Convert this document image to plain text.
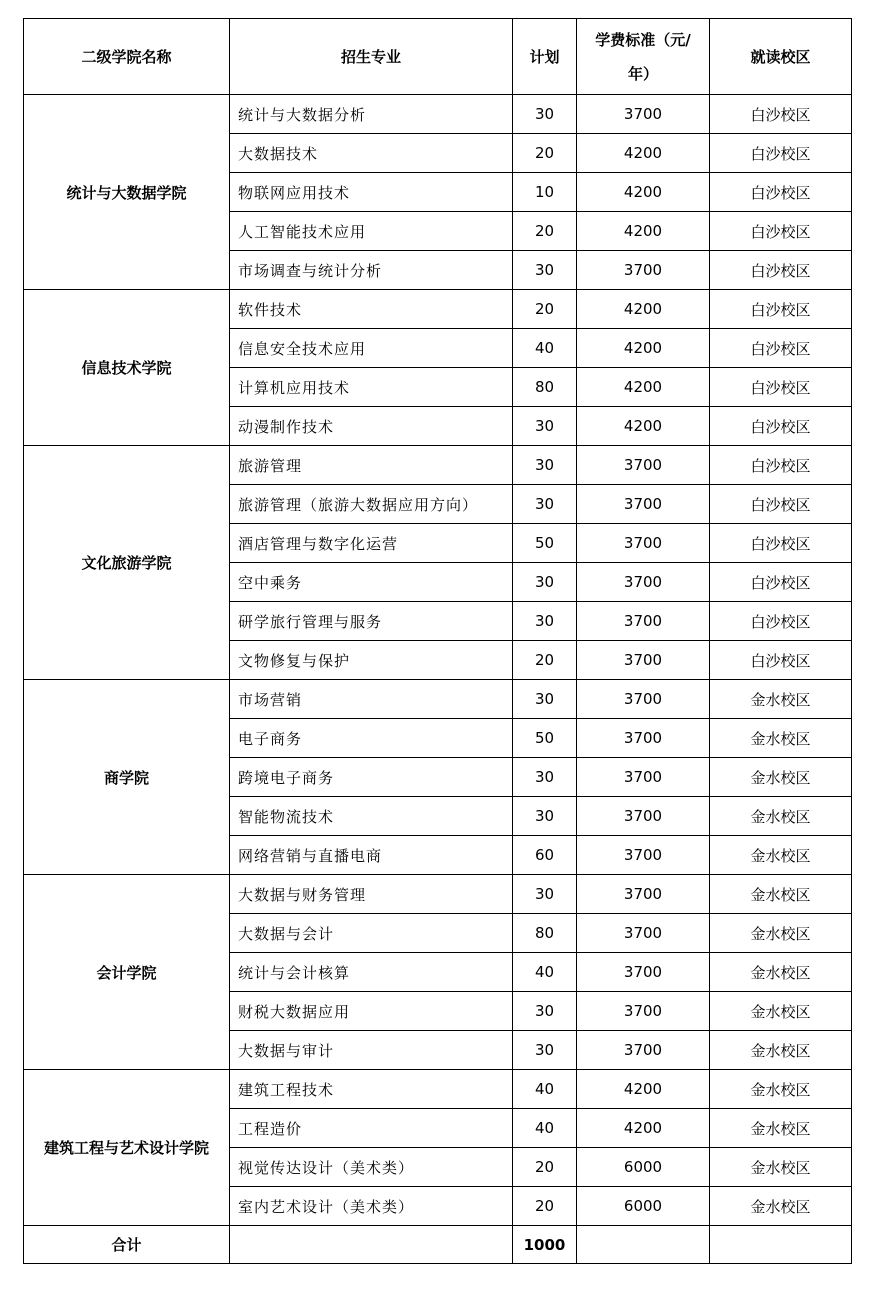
二级学院名称	招生专业	计划	学费标准（元/
年）	就读校区
统计与大数据学院	统计与大数据分析	30	3700	白沙校区
	大数据技术	20	4200	白沙校区
	物联网应用技术	10	4200	白沙校区
	人工智能技术应用	20	4200	白沙校区
	市场调查与统计分析	30	3700	白沙校区
信息技术学院	软件技术	20	4200	白沙校区
	信息安全技术应用	40	4200	白沙校区
	计算机应用技术	80	4200	白沙校区
	动漫制作技术	30	4200	白沙校区
文化旅游学院	旅游管理	30	3700	白沙校区
	旅游管理（旅游大数据应用方向）	30	3700	白沙校区
	酒店管理与数字化运营	50	3700	白沙校区
	空中乘务	30	3700	白沙校区
	研学旅行管理与服务	30	3700	白沙校区
	文物修复与保护	20	3700	白沙校区
商学院	市场营销	30	3700	金水校区
	电子商务	50	3700	金水校区
	跨境电子商务	30	3700	金水校区
	智能物流技术	30	3700	金水校区
	网络营销与直播电商	60	3700	金水校区
会计学院	大数据与财务管理	30	3700	金水校区
	大数据与会计	80	3700	金水校区
	统计与会计核算	40	3700	金水校区
	财税大数据应用	30	3700	金水校区
	大数据与审计	30	3700	金水校区
建筑工程与艺术设计学院	建筑工程技术	40	4200	金水校区
	工程造价	40	4200	金水校区
	视觉传达设计（美术类）	20	6000	金水校区
	室内艺术设计（美术类）	20	6000	金水校区
合计		1000		
